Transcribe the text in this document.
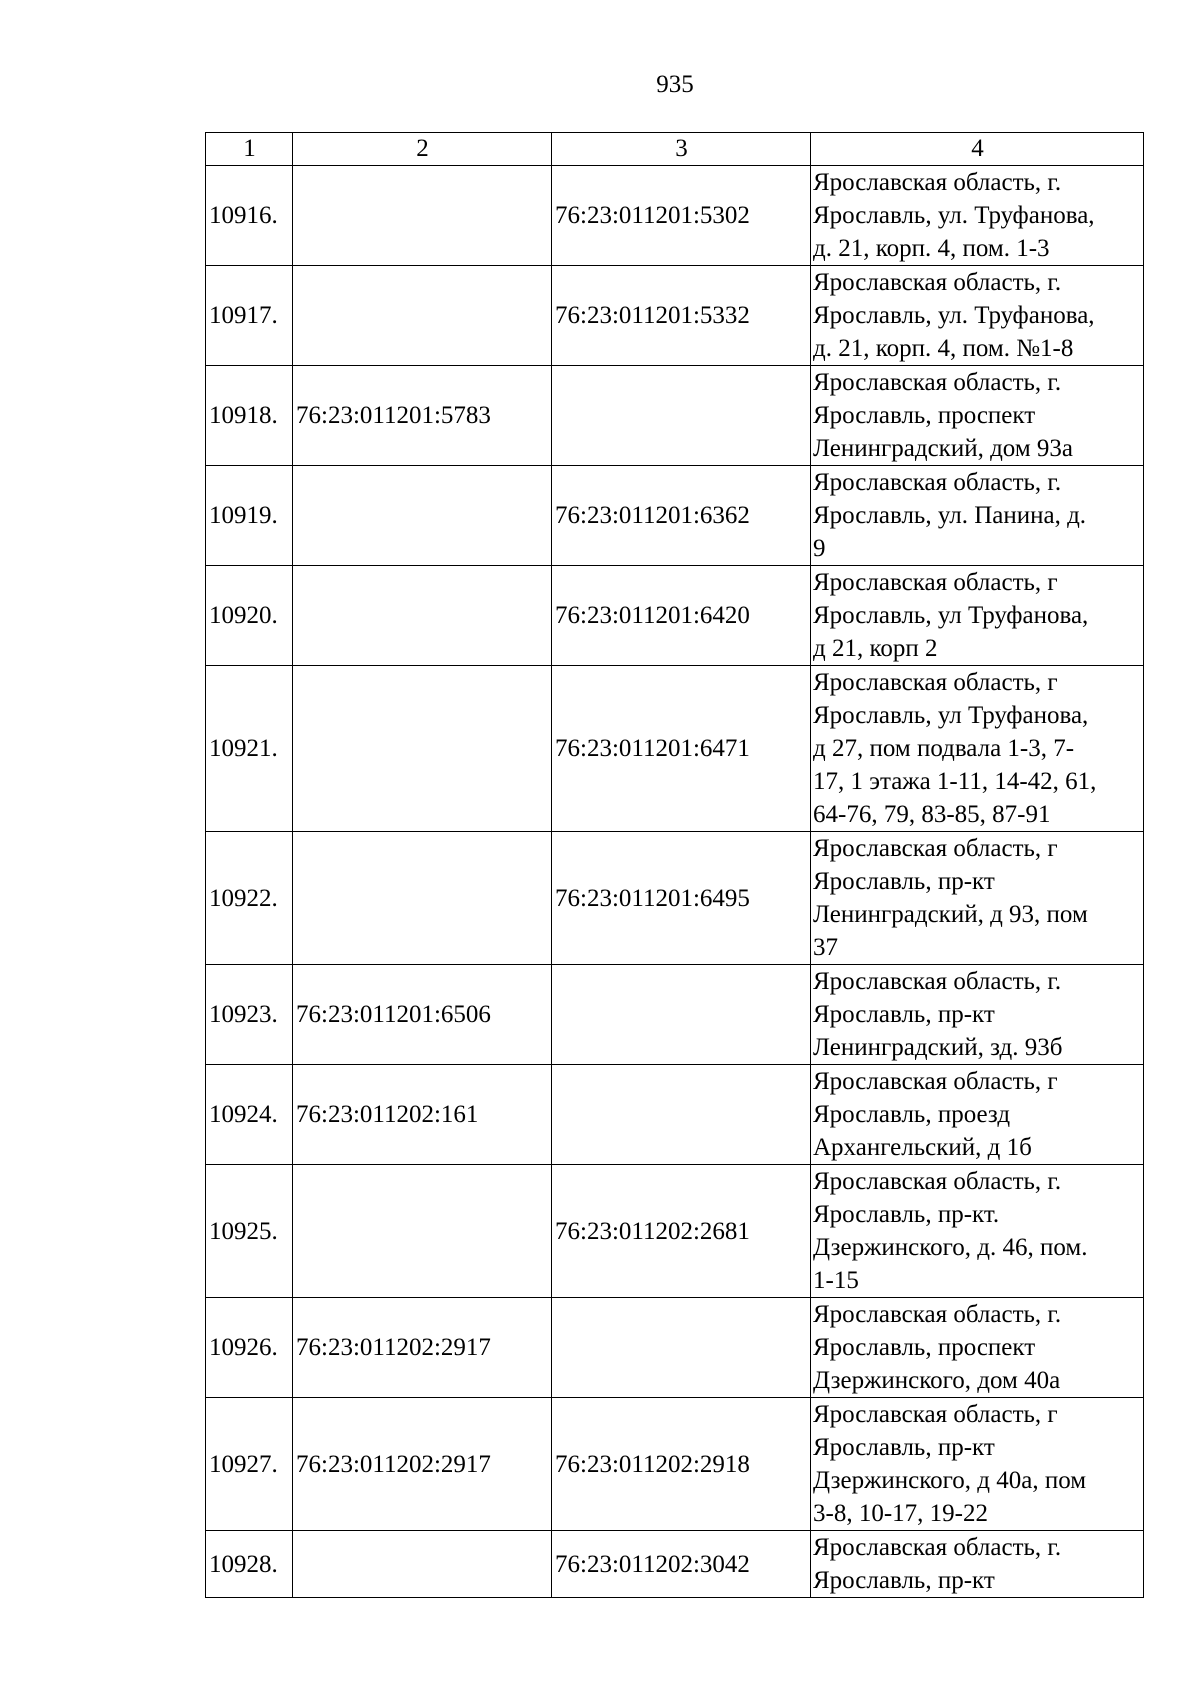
935
1	2	3	4
10916.		76:23:011201:5302	Ярославская область, г.
Ярославль, ул. Труфанова,
д. 21, корп. 4, пом. 1-3
10917.		76:23:011201:5332	Ярославская область, г.
Ярославль, ул. Труфанова,
д. 21, корп. 4, пом. №1-8
10918.	76:23:011201:5783		Ярославская область, г.
Ярославль, проспект
Ленинградский, дом 93а
10919.		76:23:011201:6362	Ярославская область, г.
Ярославль, ул. Панина, д.
9
10920.		76:23:011201:6420	Ярославская область, г
Ярославль, ул Труфанова,
д 21, корп 2
10921.		76:23:011201:6471	Ярославская область, г
Ярославль, ул Труфанова,
д 27, пом подвала 1-3, 7-
17, 1 этажа 1-11, 14-42, 61,
64-76, 79, 83-85, 87-91
10922.		76:23:011201:6495	Ярославская область, г
Ярославль, пр-кт
Ленинградский, д 93, пом
37
10923.	76:23:011201:6506		Ярославская область, г.
Ярославль, пр-кт
Ленинградский, зд. 93б
10924.	76:23:011202:161		Ярославская область, г
Ярославль, проезд
Архангельский, д 1б
10925.		76:23:011202:2681	Ярославская область, г.
Ярославль, пр-кт.
Дзержинского, д. 46, пом.
1-15
10926.	76:23:011202:2917		Ярославская область, г.
Ярославль, проспект
Дзержинского, дом 40а
10927.	76:23:011202:2917	76:23:011202:2918	Ярославская область, г
Ярославль, пр-кт
Дзержинского, д 40а, пом
3-8, 10-17, 19-22
10928.		76:23:011202:3042	Ярославская область, г.
Ярославль, пр-кт
